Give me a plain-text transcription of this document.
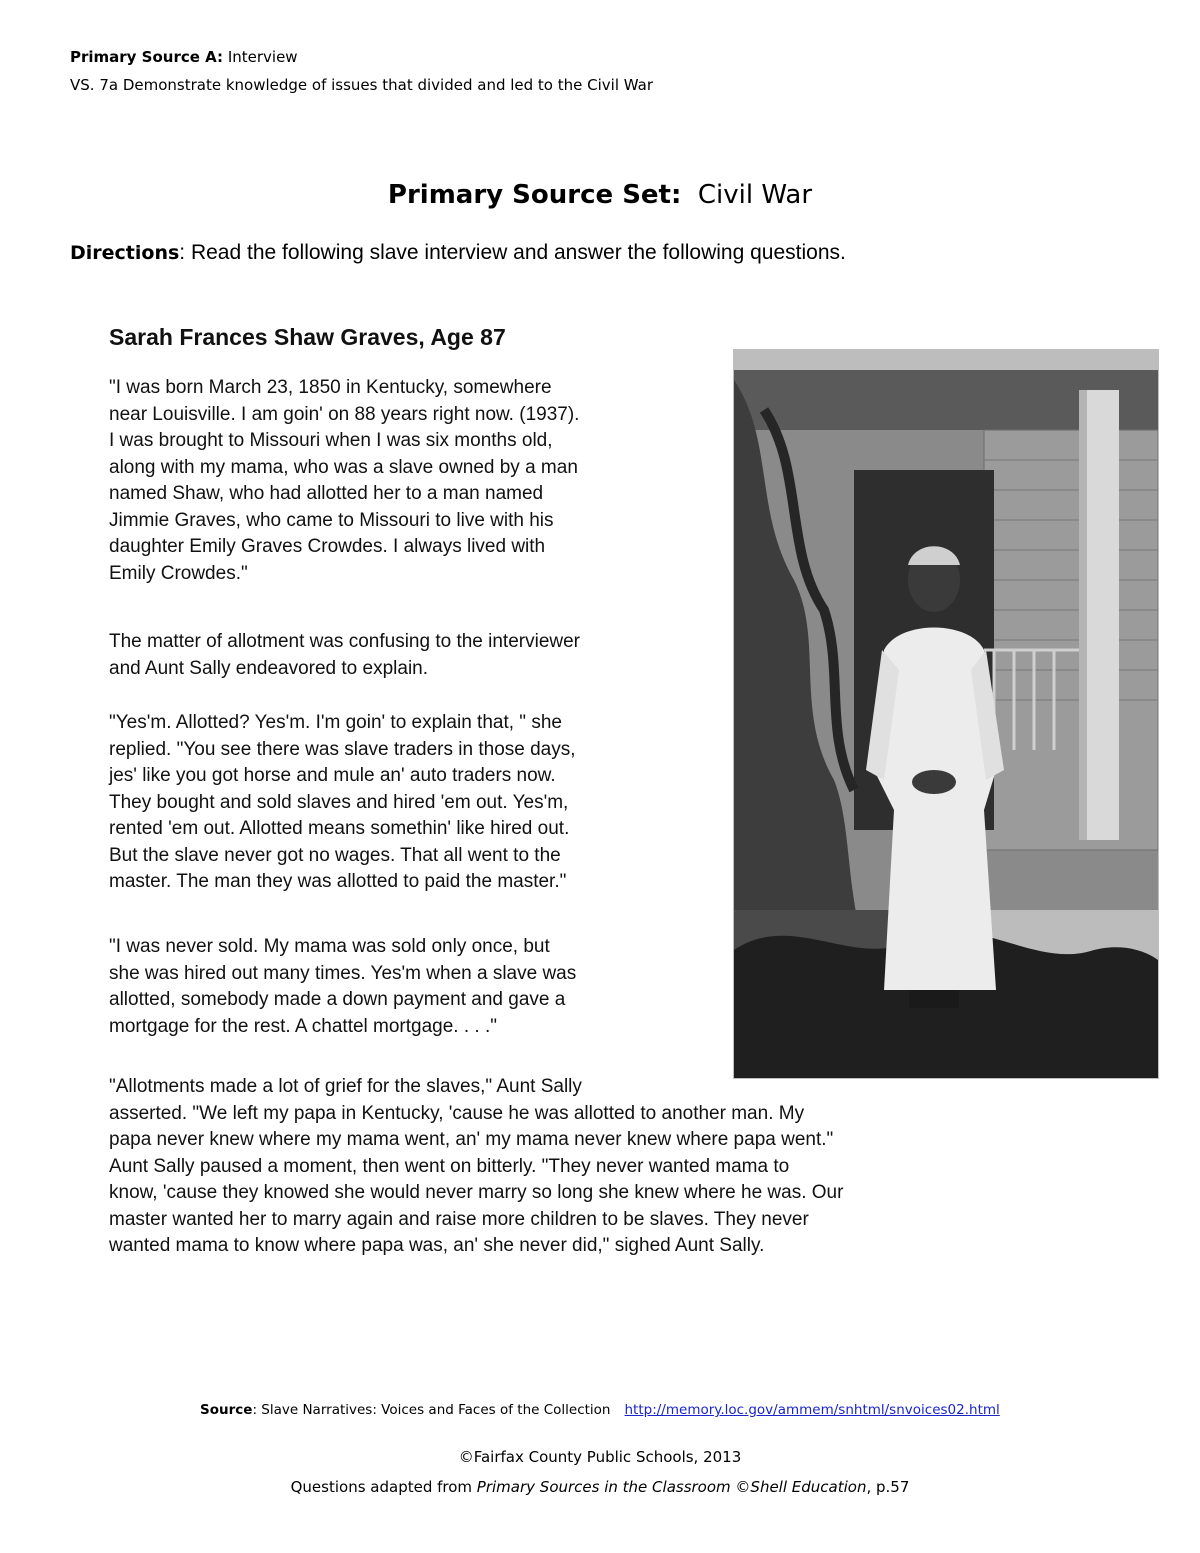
Primary Source A: Interview
VS. 7a Demonstrate knowledge of issues that divided and led to the Civil War
Primary Source Set: Civil War
Directions: Read the following slave interview and answer the following questions.
Sarah Frances Shaw Graves, Age 87
"I was born March 23, 1850 in Kentucky, somewhere
near Louisville. I am goin' on 88 years right now. (1937).
I was brought to Missouri when I was six months old,
along with my mama, who was a slave owned by a man
named Shaw, who had allotted her to a man named
Jimmie Graves, who came to Missouri to live with his
daughter Emily Graves Crowdes. I always lived with
Emily Crowdes."
The matter of allotment was confusing to the interviewer
and Aunt Sally endeavored to explain.
"Yes'm. Allotted? Yes'm. I'm goin' to explain that, " she
replied. "You see there was slave traders in those days,
jes' like you got horse and mule an' auto traders now.
They bought and sold slaves and hired 'em out. Yes'm,
rented 'em out. Allotted means somethin' like hired out.
But the slave never got no wages. That all went to the
master. The man they was allotted to paid the master."
"I was never sold. My mama was sold only once, but
she was hired out many times. Yes'm when a slave was
allotted, somebody made a down payment and gave a
mortgage for the rest. A chattel mortgage. . . ."
"Allotments made a lot of grief for the slaves," Aunt Sally
asserted. "We left my papa in Kentucky, 'cause he was allotted to another man. My
papa never knew where my mama went, an' my mama never knew where papa went."
Aunt Sally paused a moment, then went on bitterly. "They never wanted mama to
know, 'cause they knowed she would never marry so long she knew where he was. Our
master wanted her to marry again and raise more children to be slaves. They never
wanted mama to know where papa was, an' she never did," sighed Aunt Sally.
Source: Slave Narratives: Voices and Faces of the Collection http://memory.loc.gov/ammem/snhtml/snvoices02.html
©Fairfax County Public Schools, 2013
Questions adapted from Primary Sources in the Classroom ©Shell Education, p.57
